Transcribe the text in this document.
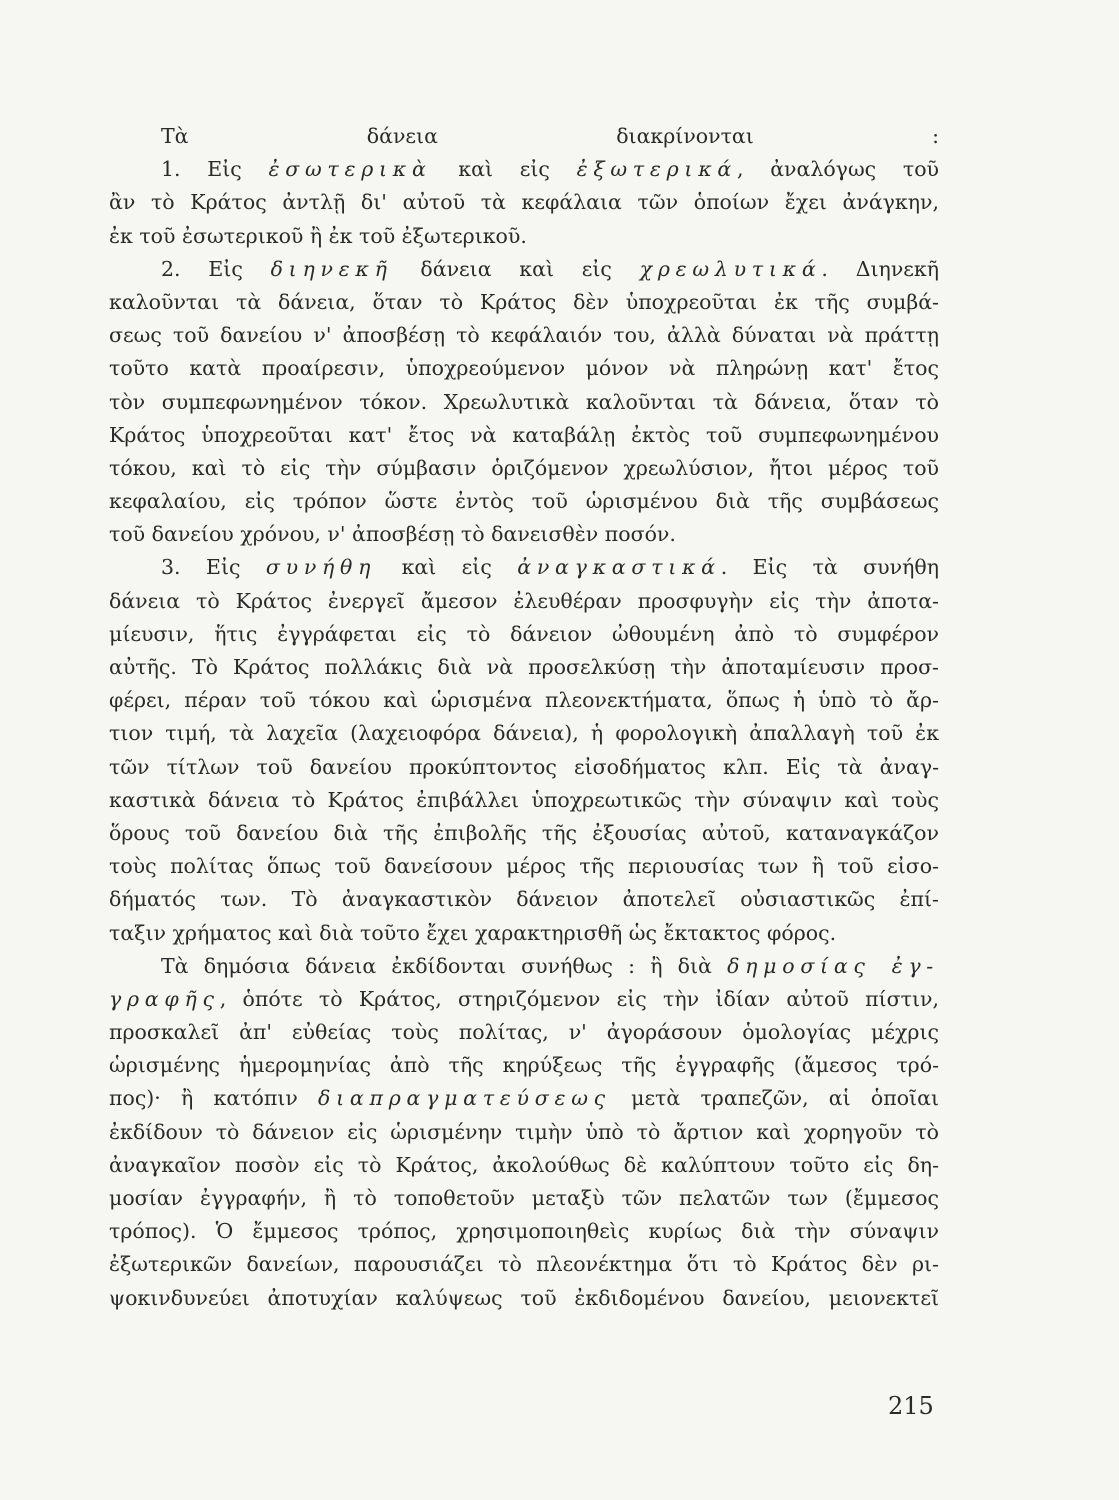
Τὰ δάνεια διακρίνονται :
1. Εἰς ἐσωτερικὰ καὶ εἰς ἐξωτερικά, ἀναλόγως τοῦ
ἂν τὸ Κράτος ἀντλῇ δι' αὐτοῦ τὰ κεφάλαια τῶν ὁποίων ἔχει ἀνάγκην,
ἐκ τοῦ ἐσωτερικοῦ ἢ ἐκ τοῦ ἐξωτερικοῦ.
2. Εἰς διηνεκῆ δάνεια καὶ εἰς χρεωλυτικά. Διηνεκῆ
καλοῦνται τὰ δάνεια, ὅταν τὸ Κράτος δὲν ὑποχρεοῦται ἐκ τῆς συμβά-
σεως τοῦ δανείου ν' ἀποσβέσῃ τὸ κεφάλαιόν του, ἀλλὰ δύναται νὰ πράττῃ
τοῦτο κατὰ προαίρεσιν, ὑποχρεούμενον μόνον νὰ πληρώνῃ κατ' ἔτος
τὸν συμπεφωνημένον τόκον. Χρεωλυτικὰ καλοῦνται τὰ δάνεια, ὅταν τὸ
Κράτος ὑποχρεοῦται κατ' ἔτος νὰ καταβάλῃ ἐκτὸς τοῦ συμπεφωνημένου
τόκου, καὶ τὸ εἰς τὴν σύμβασιν ὁριζόμενον χρεωλύσιον, ἤτοι μέρος τοῦ
κεφαλαίου, εἰς τρόπον ὥστε ἐντὸς τοῦ ὡρισμένου διὰ τῆς συμβάσεως
τοῦ δανείου χρόνου, ν' ἀποσβέσῃ τὸ δανεισθὲν ποσόν.
3. Εἰς συνήθη καὶ εἰς ἀναγκαστικά. Εἰς τὰ συνήθη
δάνεια τὸ Κράτος ἐνεργεῖ ἄμεσον ἐλευθέραν προσφυγὴν εἰς τὴν ἀποτα-
μίευσιν, ἥτις ἐγγράφεται εἰς τὸ δάνειον ὠθουμένη ἀπὸ τὸ συμφέρον
αὐτῆς. Τὸ Κράτος πολλάκις διὰ νὰ προσελκύσῃ τὴν ἀποταμίευσιν προσ-
φέρει, πέραν τοῦ τόκου καὶ ὡρισμένα πλεονεκτήματα, ὅπως ἡ ὑπὸ τὸ ἄρ-
τιον τιμή, τὰ λαχεῖα (λαχειοφόρα δάνεια), ἡ φορολογικὴ ἀπαλλαγὴ τοῦ ἐκ
τῶν τίτλων τοῦ δανείου προκύπτοντος εἰσοδήματος κλπ. Εἰς τὰ ἀναγ-
καστικὰ δάνεια τὸ Κράτος ἐπιβάλλει ὑποχρεωτικῶς τὴν σύναψιν καὶ τοὺς
ὅρους τοῦ δανείου διὰ τῆς ἐπιβολῆς τῆς ἐξουσίας αὐτοῦ, καταναγκάζον
τοὺς πολίτας ὅπως τοῦ δανείσουν μέρος τῆς περιουσίας των ἢ τοῦ εἰσο-
δήματός των. Τὸ ἀναγκαστικὸν δάνειον ἀποτελεῖ οὐσιαστικῶς ἐπί-
ταξιν χρήματος καὶ διὰ τοῦτο ἔχει χαρακτηρισθῆ ὡς ἔκτακτος φόρος.
Τὰ δημόσια δάνεια ἐκδίδονται συνήθως : ἢ διὰ δημοσίας ἐγ-
γραφῆς, ὁπότε τὸ Κράτος, στηριζόμενον εἰς τὴν ἰδίαν αὐτοῦ πίστιν,
προσκαλεῖ ἀπ' εὐθείας τοὺς πολίτας, ν' ἀγοράσουν ὁμολογίας μέχρις
ὡρισμένης ἡμερομηνίας ἀπὸ τῆς κηρύξεως τῆς ἐγγραφῆς (ἄμεσος τρό-
πος)· ἢ κατόπιν διαπραγματεύσεως μετὰ τραπεζῶν, αἱ ὁποῖαι
ἐκδίδουν τὸ δάνειον εἰς ὡρισμένην τιμὴν ὑπὸ τὸ ἄρτιον καὶ χορηγοῦν τὸ
ἀναγκαῖον ποσὸν εἰς τὸ Κράτος, ἀκολούθως δὲ καλύπτουν τοῦτο εἰς δη-
μοσίαν ἐγγραφήν, ἢ τὸ τοποθετοῦν μεταξὺ τῶν πελατῶν των (ἔμμεσος
τρόπος). Ὁ ἔμμεσος τρόπος, χρησιμοποιηθεὶς κυρίως διὰ τὴν σύναψιν
ἐξωτερικῶν δανείων, παρουσιάζει τὸ πλεονέκτημα ὅτι τὸ Κράτος δὲν ρι-
ψοκινδυνεύει ἀποτυχίαν καλύψεως τοῦ ἐκδιδομένου δανείου, μειονεκτεῖ
215
